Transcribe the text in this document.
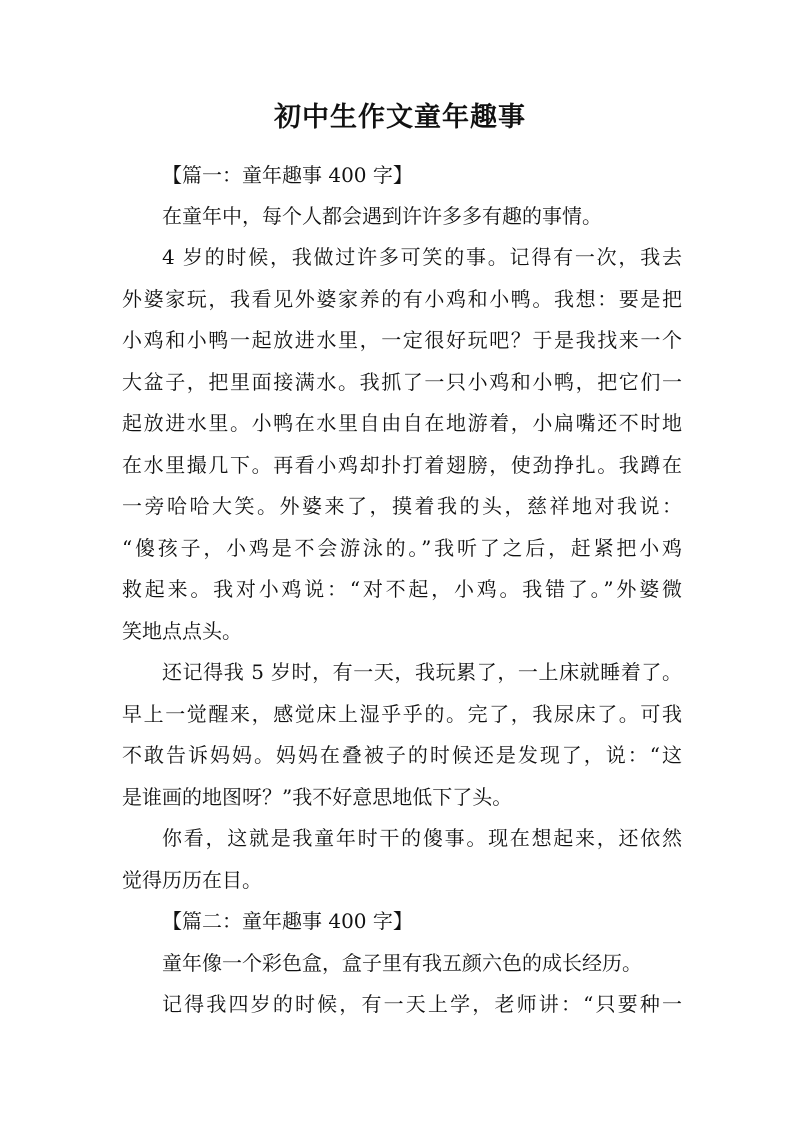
初中生作文童年趣事
【篇一：童年趣事 400 字】
在童年中，每个人都会遇到许许多多有趣的事情。
4 岁的时候，我做过许多可笑的事。记得有一次，我去
外婆家玩，我看见外婆家养的有小鸡和小鸭。我想：要是把
小鸡和小鸭一起放进水里，一定很好玩吧？于是我找来一个
大盆子，把里面接满水。我抓了一只小鸡和小鸭，把它们一
起放进水里。小鸭在水里自由自在地游着，小扁嘴还不时地
在水里撮几下。再看小鸡却扑打着翅膀，使劲挣扎。我蹲在
一旁哈哈大笑。外婆来了，摸着我的头，慈祥地对我说：
“傻孩子，小鸡是不会游泳的。”我听了之后，赶紧把小鸡
救起来。我对小鸡说：“对不起，小鸡。我错了。”外婆微
笑地点点头。
还记得我 5 岁时，有一天，我玩累了，一上床就睡着了。
早上一觉醒来，感觉床上湿乎乎的。完了，我尿床了。可我
不敢告诉妈妈。妈妈在叠被子的时候还是发现了，说：“这
是谁画的地图呀？”我不好意思地低下了头。
你看，这就是我童年时干的傻事。现在想起来，还依然
觉得历历在目。
【篇二：童年趣事 400 字】
童年像一个彩色盒，盒子里有我五颜六色的成长经历。
记得我四岁的时候，有一天上学，老师讲：“只要种一
